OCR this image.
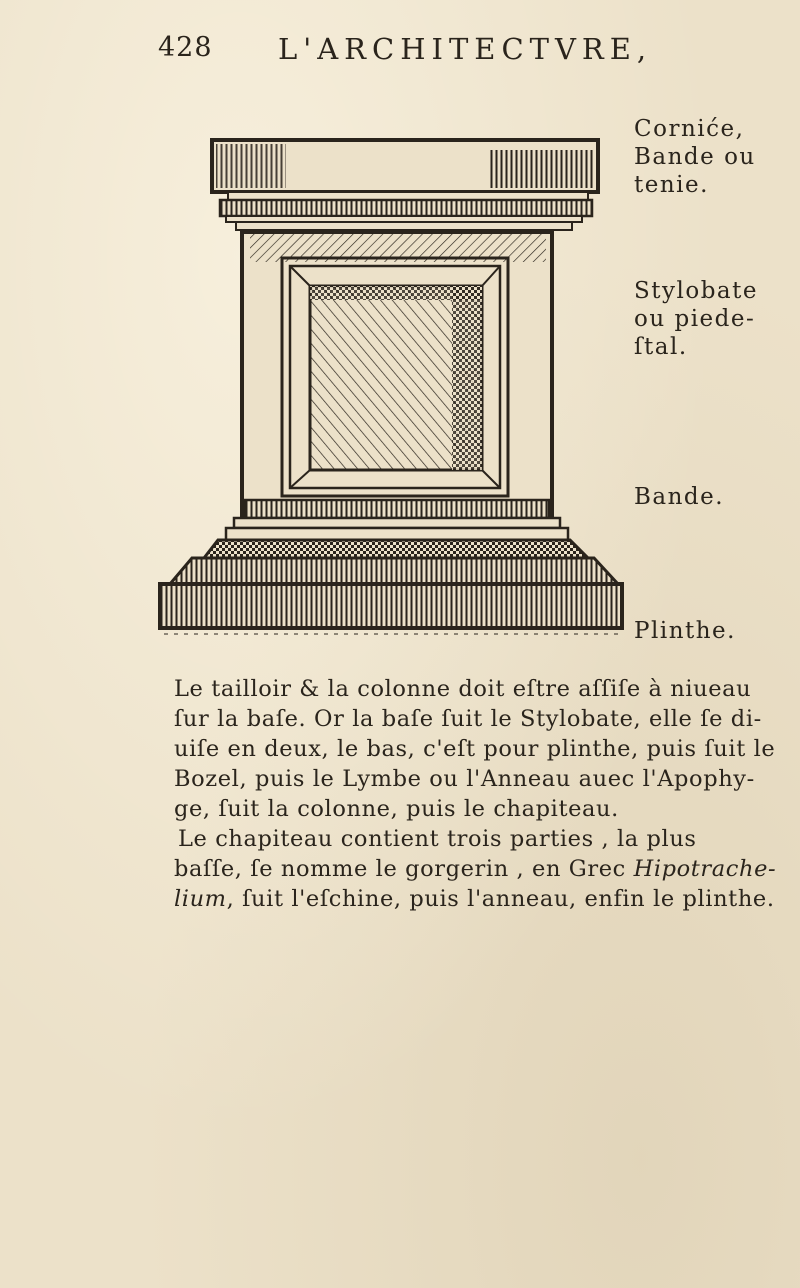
428 L'ARCHITECTVRE,
Corniće,
Bande ou
tenie.
Stylobate
ou piede-
ſtal.
Bande.
Plinthe.
Le tailloir & la colonne doit eſtre aſſiſe à niueau
ſur la baſe. Or la baſe ſuit le Stylobate, elle ſe di-
uiſe en deux, le bas, c'eſt pour plinthe, puis ſuit le
Bozel, puis le Lymbe ou l'Anneau auec l'Apophy-
ge, ſuit la colonne, puis le chapiteau.
Le chapiteau contient trois parties , la plus
baſſe, ſe nomme le gorgerin , en Grec Hipotrache-
lium, ſuit l'eſchine, puis l'anneau, enfin le plinthe.
